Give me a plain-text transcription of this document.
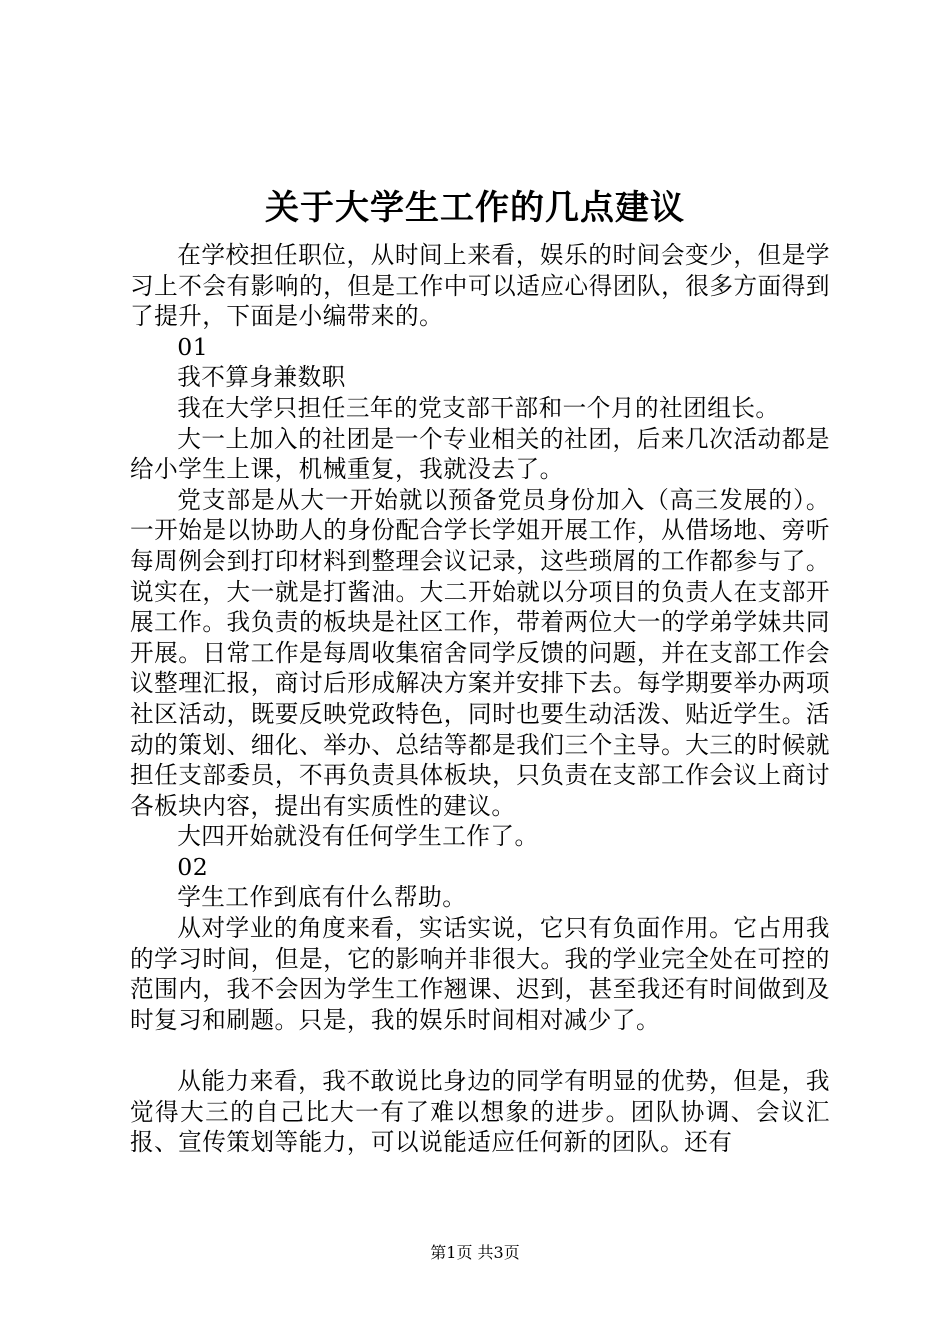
关于大学生工作的几点建议

在学校担任职位，从时间上来看，娱乐的时间会变少，但是学习上不会有影响的，但是工作中可以适应心得团队，很多方面得到了提升，下面是小编带来的。

01

我不算身兼数职

我在大学只担任三年的党支部干部和一个月的社团组长。

大一上加入的社团是一个专业相关的社团，后来几次活动都是给小学生上课，机械重复，我就没去了。

党支部是从大一开始就以预备党员身份加入（高三发展的）。一开始是以协助人的身份配合学长学姐开展工作，从借场地、旁听每周例会到打印材料到整理会议记录，这些琐屑的工作都参与了。说实在，大一就是打酱油。大二开始就以分项目的负责人在支部开展工作。我负责的板块是社区工作，带着两位大一的学弟学妹共同开展。日常工作是每周收集宿舍同学反馈的问题，并在支部工作会议整理汇报，商讨后形成解决方案并安排下去。每学期要举办两项社区活动，既要反映党政特色，同时也要生动活泼、贴近学生。活动的策划、细化、举办、总结等都是我们三个主导。大三的时候就担任支部委员，不再负责具体板块，只负责在支部工作会议上商讨各板块内容，提出有实质性的建议。

大四开始就没有任何学生工作了。

02

学生工作到底有什么帮助。

从对学业的角度来看，实话实说，它只有负面作用。它占用我的学习时间，但是，它的影响并非很大。我的学业完全处在可控的范围内，我不会因为学生工作翘课、迟到，甚至我还有时间做到及时复习和刷题。只是，我的娱乐时间相对减少了。

从能力来看，我不敢说比身边的同学有明显的优势，但是，我觉得大三的自己比大一有了难以想象的进步。团队协调、会议汇报、宣传策划等能力，可以说能适应任何新的团队。还有

第1页 共3页
